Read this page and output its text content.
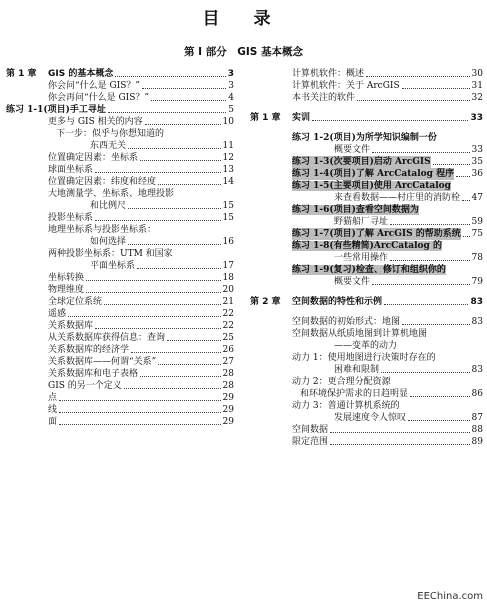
目 录
第 I 部分　GIS 基本概念
第 1 章	GIS 的基本概念	3
你会问“什么是 GIS？”	3
你会再问“什么是 GIS？”	4
练习 1-1(项目)手工寻址	5
更多与 GIS 相关的内容	10
下一步：似乎与你想知道的
东西无关	11
位置确定因素：坐标系	12
球面坐标系	13
位置确定因素：纬度和经度	14
大地测量学、坐标系、地理投影
和比例尺	15
投影坐标系	15
地理坐标系与投影坐标系：
如何选择	16
两种投影坐标系：UTM 和国家
平面坐标系	17
坐标转换	18
物理维度	20
全球定位系统	21
遥感	22
关系数据库	22
从关系数据库获得信息：查询	25
关系数据库的经济学	26
关系数据库——何谓“关系”	27
关系数据库和电子表格	28
GIS 的另一个定义	28
点	29
线	29
面	29
计算机软件：概述	30
计算机软件：关于 ArcGIS	31
本书关注的软件	32
第 1 章	实训	33
练习 1-2(项目)为所学知识编制一份
概要文件	33
练习 1-3(次要项目)启动 ArcGIS	35
练习 1-4(项目)了解 ArcCatalog 程序 36
练习 1-5(主要项目)使用 ArcCatalog
来查看数据——村庄里的消防栓 47
练习 1-6(项目)查看空间数据为
野猫船厂寻址	59
练习 1-7(项目)了解 ArcGIS 的帮助系统 75
练习 1-8(有些精简)ArcCatalog 的
一些常用操作	78
练习 1-9(复习)检查、修订和组织你的
概要文件	79
第 2 章	空间数据的特性和示例	83
空间数据的初始形式：地图	83
空间数据从纸质地图到计算机地图
——变革的动力
动力 1：使用地图进行决策时存在的
困难和限制	83
动力 2：更合理分配资源
和环境保护需求的日趋明显	86
动力 3：普通计算机系统的
发展速度令人惊叹	87
空间数据	88
限定范围	89
EEChina.com
